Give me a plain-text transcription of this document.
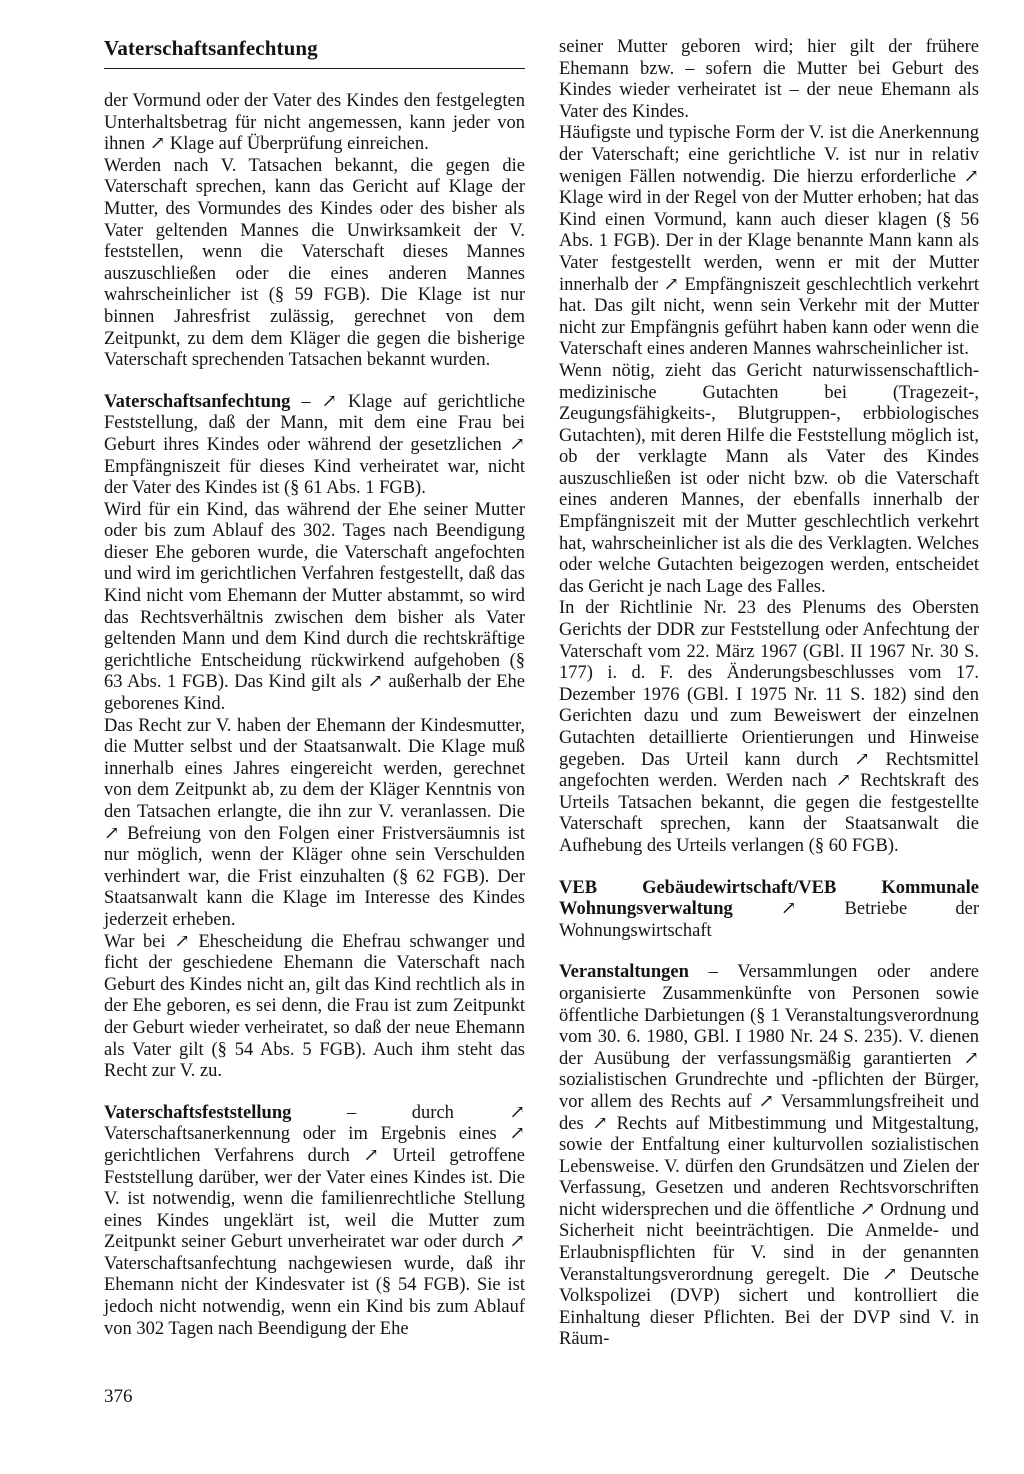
Vaterschaftsanfechtung

der Vormund oder der Vater des Kindes den festgelegten Unterhaltsbetrag für nicht angemessen, kann jeder von ihnen ↗ Klage auf Überprüfung einreichen.

Werden nach V. Tatsachen bekannt, die gegen die Vaterschaft sprechen, kann das Gericht auf Klage der Mutter, des Vormundes des Kindes oder des bisher als Vater geltenden Mannes die Unwirksamkeit der V. feststellen, wenn die Vaterschaft dieses Mannes auszuschließen oder die eines anderen Mannes wahrscheinlicher ist (§ 59 FGB). Die Klage ist nur binnen Jahresfrist zulässig, gerechnet von dem Zeitpunkt, zu dem dem Kläger die gegen die bisherige Vaterschaft sprechenden Tatsachen bekannt wurden.

Vaterschaftsanfechtung – ↗ Klage auf gerichtliche Feststellung, daß der Mann, mit dem eine Frau bei Geburt ihres Kindes oder während der gesetzlichen ↗ Empfängniszeit für dieses Kind verheiratet war, nicht der Vater des Kindes ist (§ 61 Abs. 1 FGB).

Wird für ein Kind, das während der Ehe seiner Mutter oder bis zum Ablauf des 302. Tages nach Beendigung dieser Ehe geboren wurde, die Vaterschaft angefochten und wird im gerichtlichen Verfahren festgestellt, daß das Kind nicht vom Ehemann der Mutter abstammt, so wird das Rechtsverhältnis zwischen dem bisher als Vater geltenden Mann und dem Kind durch die rechtskräftige gerichtliche Entscheidung rückwirkend aufgehoben (§ 63 Abs. 1 FGB). Das Kind gilt als ↗ außerhalb der Ehe geborenes Kind.

Das Recht zur V. haben der Ehemann der Kindesmutter, die Mutter selbst und der Staatsanwalt. Die Klage muß innerhalb eines Jahres eingereicht werden, gerechnet von dem Zeitpunkt ab, zu dem der Kläger Kenntnis von den Tatsachen erlangte, die ihn zur V. veranlassen. Die ↗ Befreiung von den Folgen einer Fristversäumnis ist nur möglich, wenn der Kläger ohne sein Verschulden verhindert war, die Frist einzuhalten (§ 62 FGB). Der Staatsanwalt kann die Klage im Interesse des Kindes jederzeit erheben.

War bei ↗ Ehescheidung die Ehefrau schwanger und ficht der geschiedene Ehemann die Vaterschaft nach Geburt des Kindes nicht an, gilt das Kind rechtlich als in der Ehe geboren, es sei denn, die Frau ist zum Zeitpunkt der Geburt wieder verheiratet, so daß der neue Ehemann als Vater gilt (§ 54 Abs. 5 FGB). Auch ihm steht das Recht zur V. zu.

Vaterschaftsfeststellung – durch ↗ Vaterschaftsanerkennung oder im Ergebnis eines ↗ gerichtlichen Verfahrens durch ↗ Urteil getroffene Feststellung darüber, wer der Vater eines Kindes ist. Die V. ist notwendig, wenn die familienrechtliche Stellung eines Kindes ungeklärt ist, weil die Mutter zum Zeitpunkt seiner Geburt unverheiratet war oder durch ↗ Vaterschaftsanfechtung nachgewiesen wurde, daß ihr Ehemann nicht der Kindesvater ist (§ 54 FGB). Sie ist jedoch nicht notwendig, wenn ein Kind bis zum Ablauf von 302 Tagen nach Beendigung der Ehe

seiner Mutter geboren wird; hier gilt der frühere Ehemann bzw. – sofern die Mutter bei Geburt des Kindes wieder verheiratet ist – der neue Ehemann als Vater des Kindes.

Häufigste und typische Form der V. ist die Anerkennung der Vaterschaft; eine gerichtliche V. ist nur in relativ wenigen Fällen notwendig. Die hierzu erforderliche ↗ Klage wird in der Regel von der Mutter erhoben; hat das Kind einen Vormund, kann auch dieser klagen (§ 56 Abs. 1 FGB). Der in der Klage benannte Mann kann als Vater festgestellt werden, wenn er mit der Mutter innerhalb der ↗ Empfängniszeit geschlechtlich verkehrt hat. Das gilt nicht, wenn sein Verkehr mit der Mutter nicht zur Empfängnis geführt haben kann oder wenn die Vaterschaft eines anderen Mannes wahrscheinlicher ist.

Wenn nötig, zieht das Gericht naturwissenschaftlich-medizinische Gutachten bei (Tragezeit-, Zeugungsfähigkeits-, Blutgruppen-, erbbiologisches Gutachten), mit deren Hilfe die Feststellung möglich ist, ob der verklagte Mann als Vater des Kindes auszuschließen ist oder nicht bzw. ob die Vaterschaft eines anderen Mannes, der ebenfalls innerhalb der Empfängniszeit mit der Mutter geschlechtlich verkehrt hat, wahrscheinlicher ist als die des Verklagten. Welches oder welche Gutachten beigezogen werden, entscheidet das Gericht je nach Lage des Falles.

In der Richtlinie Nr. 23 des Plenums des Obersten Gerichts der DDR zur Feststellung oder Anfechtung der Vaterschaft vom 22. März 1967 (GBl. II 1967 Nr. 30 S. 177) i. d. F. des Änderungsbeschlusses vom 17. Dezember 1976 (GBl. I 1975 Nr. 11 S. 182) sind den Gerichten dazu und zum Beweiswert der einzelnen Gutachten detaillierte Orientierungen und Hinweise gegeben. Das Urteil kann durch ↗ Rechtsmittel angefochten werden. Werden nach ↗ Rechtskraft des Urteils Tatsachen bekannt, die gegen die festgestellte Vaterschaft sprechen, kann der Staatsanwalt die Aufhebung des Urteils verlangen (§ 60 FGB).

VEB Gebäudewirtschaft/VEB Kommunale Wohnungsverwaltung ↗ Betriebe der Wohnungswirtschaft

Veranstaltungen – Versammlungen oder andere organisierte Zusammenkünfte von Personen sowie öffentliche Darbietungen (§ 1 Veranstaltungsverordnung vom 30. 6. 1980, GBl. I 1980 Nr. 24 S. 235). V. dienen der Ausübung der verfassungsmäßig garantierten ↗ sozialistischen Grundrechte und -pflichten der Bürger, vor allem des Rechts auf ↗ Versammlungsfreiheit und des ↗ Rechts auf Mitbestimmung und Mitgestaltung, sowie der Entfaltung einer kulturvollen sozialistischen Lebensweise. V. dürfen den Grundsätzen und Zielen der Verfassung, Gesetzen und anderen Rechtsvorschriften nicht widersprechen und die öffentliche ↗ Ordnung und Sicherheit nicht beeinträchtigen. Die Anmelde- und Erlaubnispflichten für V. sind in der genannten Veranstaltungsverordnung geregelt. Die ↗ Deutsche Volkspolizei (DVP) sichert und kontrolliert die Einhaltung dieser Pflichten. Bei der DVP sind V. in Räum-

376
